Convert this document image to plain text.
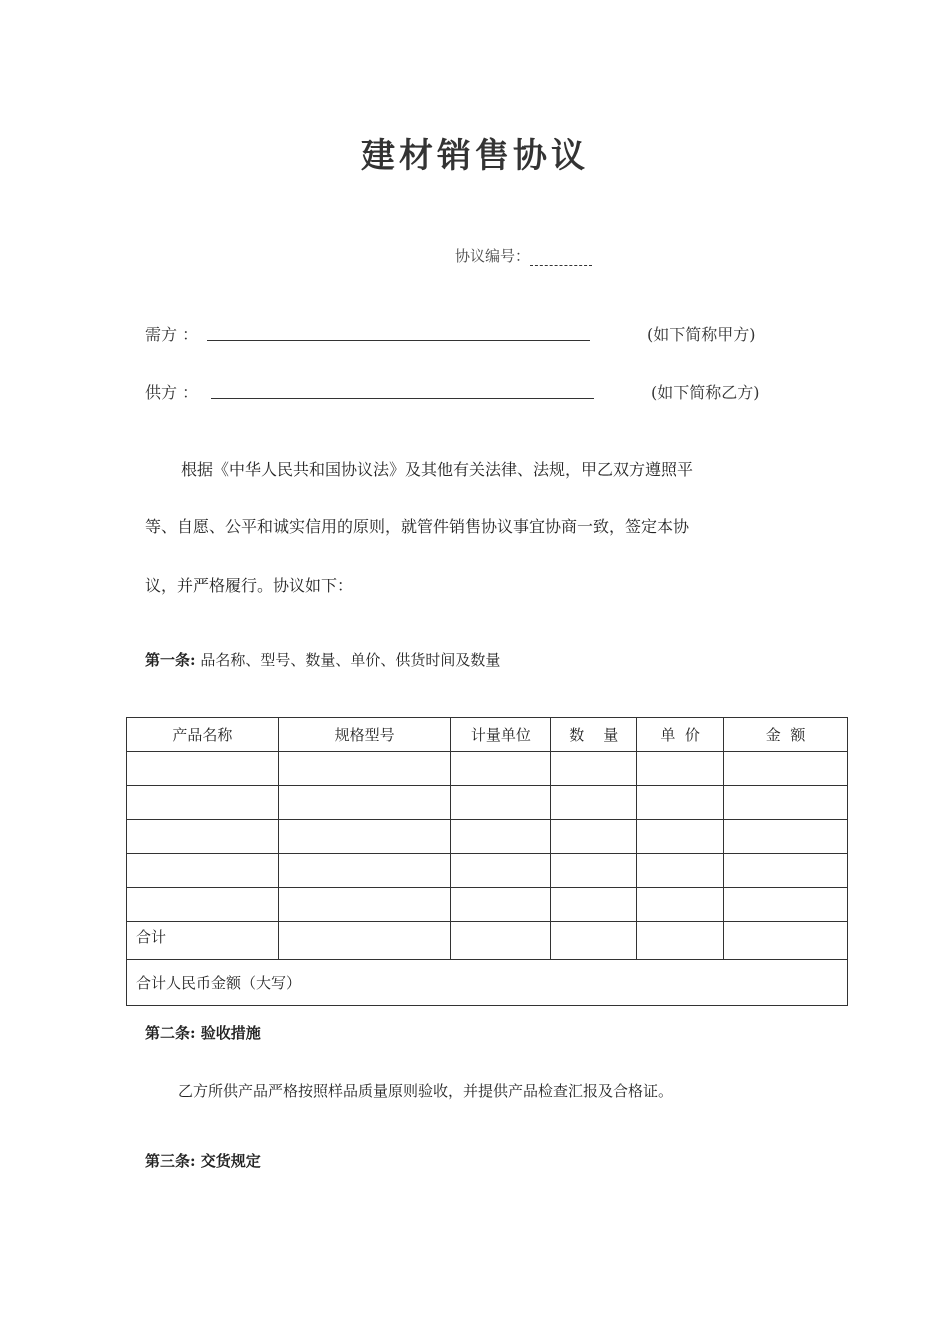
建材销售协议
协议编号：
需方 ：	(如下简称甲方)
供方 ：	(如下简称乙方)
根据《中华人民共和国协议法》及其他有关法律、法规，甲乙双方遵照平
等、自愿、公平和诚实信用的原则，就管件销售协议事宜协商一致，签定本协
议，并严格履行。协议如下：
第一条: 品名称、型号、数量、单价、供货时间及数量
产品名称	规格型号	计量单位	数    量	单  价	金  额

合计					
合计人民币金额（大写）					
第二条: 验收措施
乙方所供产品严格按照样品质量原则验收，并提供产品检查汇报及合格证。
第三条: 交货规定
